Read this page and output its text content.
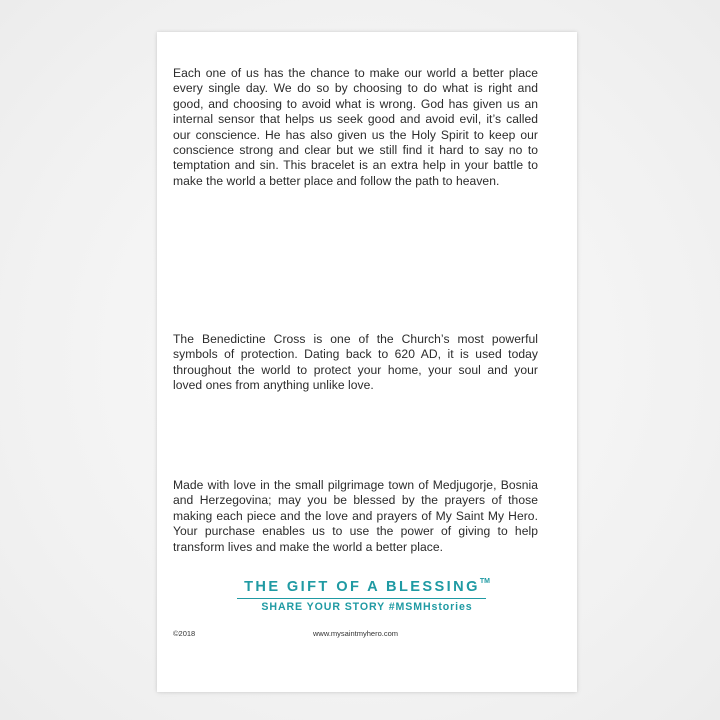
Each one of us has the chance to make our world a better place every single day. We do so by choosing to do what is right and good, and choosing to avoid what is wrong. God has given us an internal sensor that helps us seek good and avoid evil, it’s called our conscience. He has also given us the Holy Spirit to keep our conscience strong and clear but we still find it hard to say no to temptation and sin. This bracelet is an extra help in your battle to make the world a better place and follow the path to heaven.

The Benedictine Cross is one of the Church’s most powerful symbols of protection. Dating back to 620 AD, it is used today throughout the world to protect your home, your soul and your loved ones from anything unlike love.

Made with love in the small pilgrimage town of Medjugorje, Bosnia and Herzegovina; may you be blessed by the prayers of those making each piece and the love and prayers of My Saint My Hero. Your purchase enables us to use the power of giving to help transform lives and make the world a better place.

THE GIFT OF A BLESSING™

SHARE YOUR STORY #MSMHstories

©2018	www.mysaintmyhero.com
